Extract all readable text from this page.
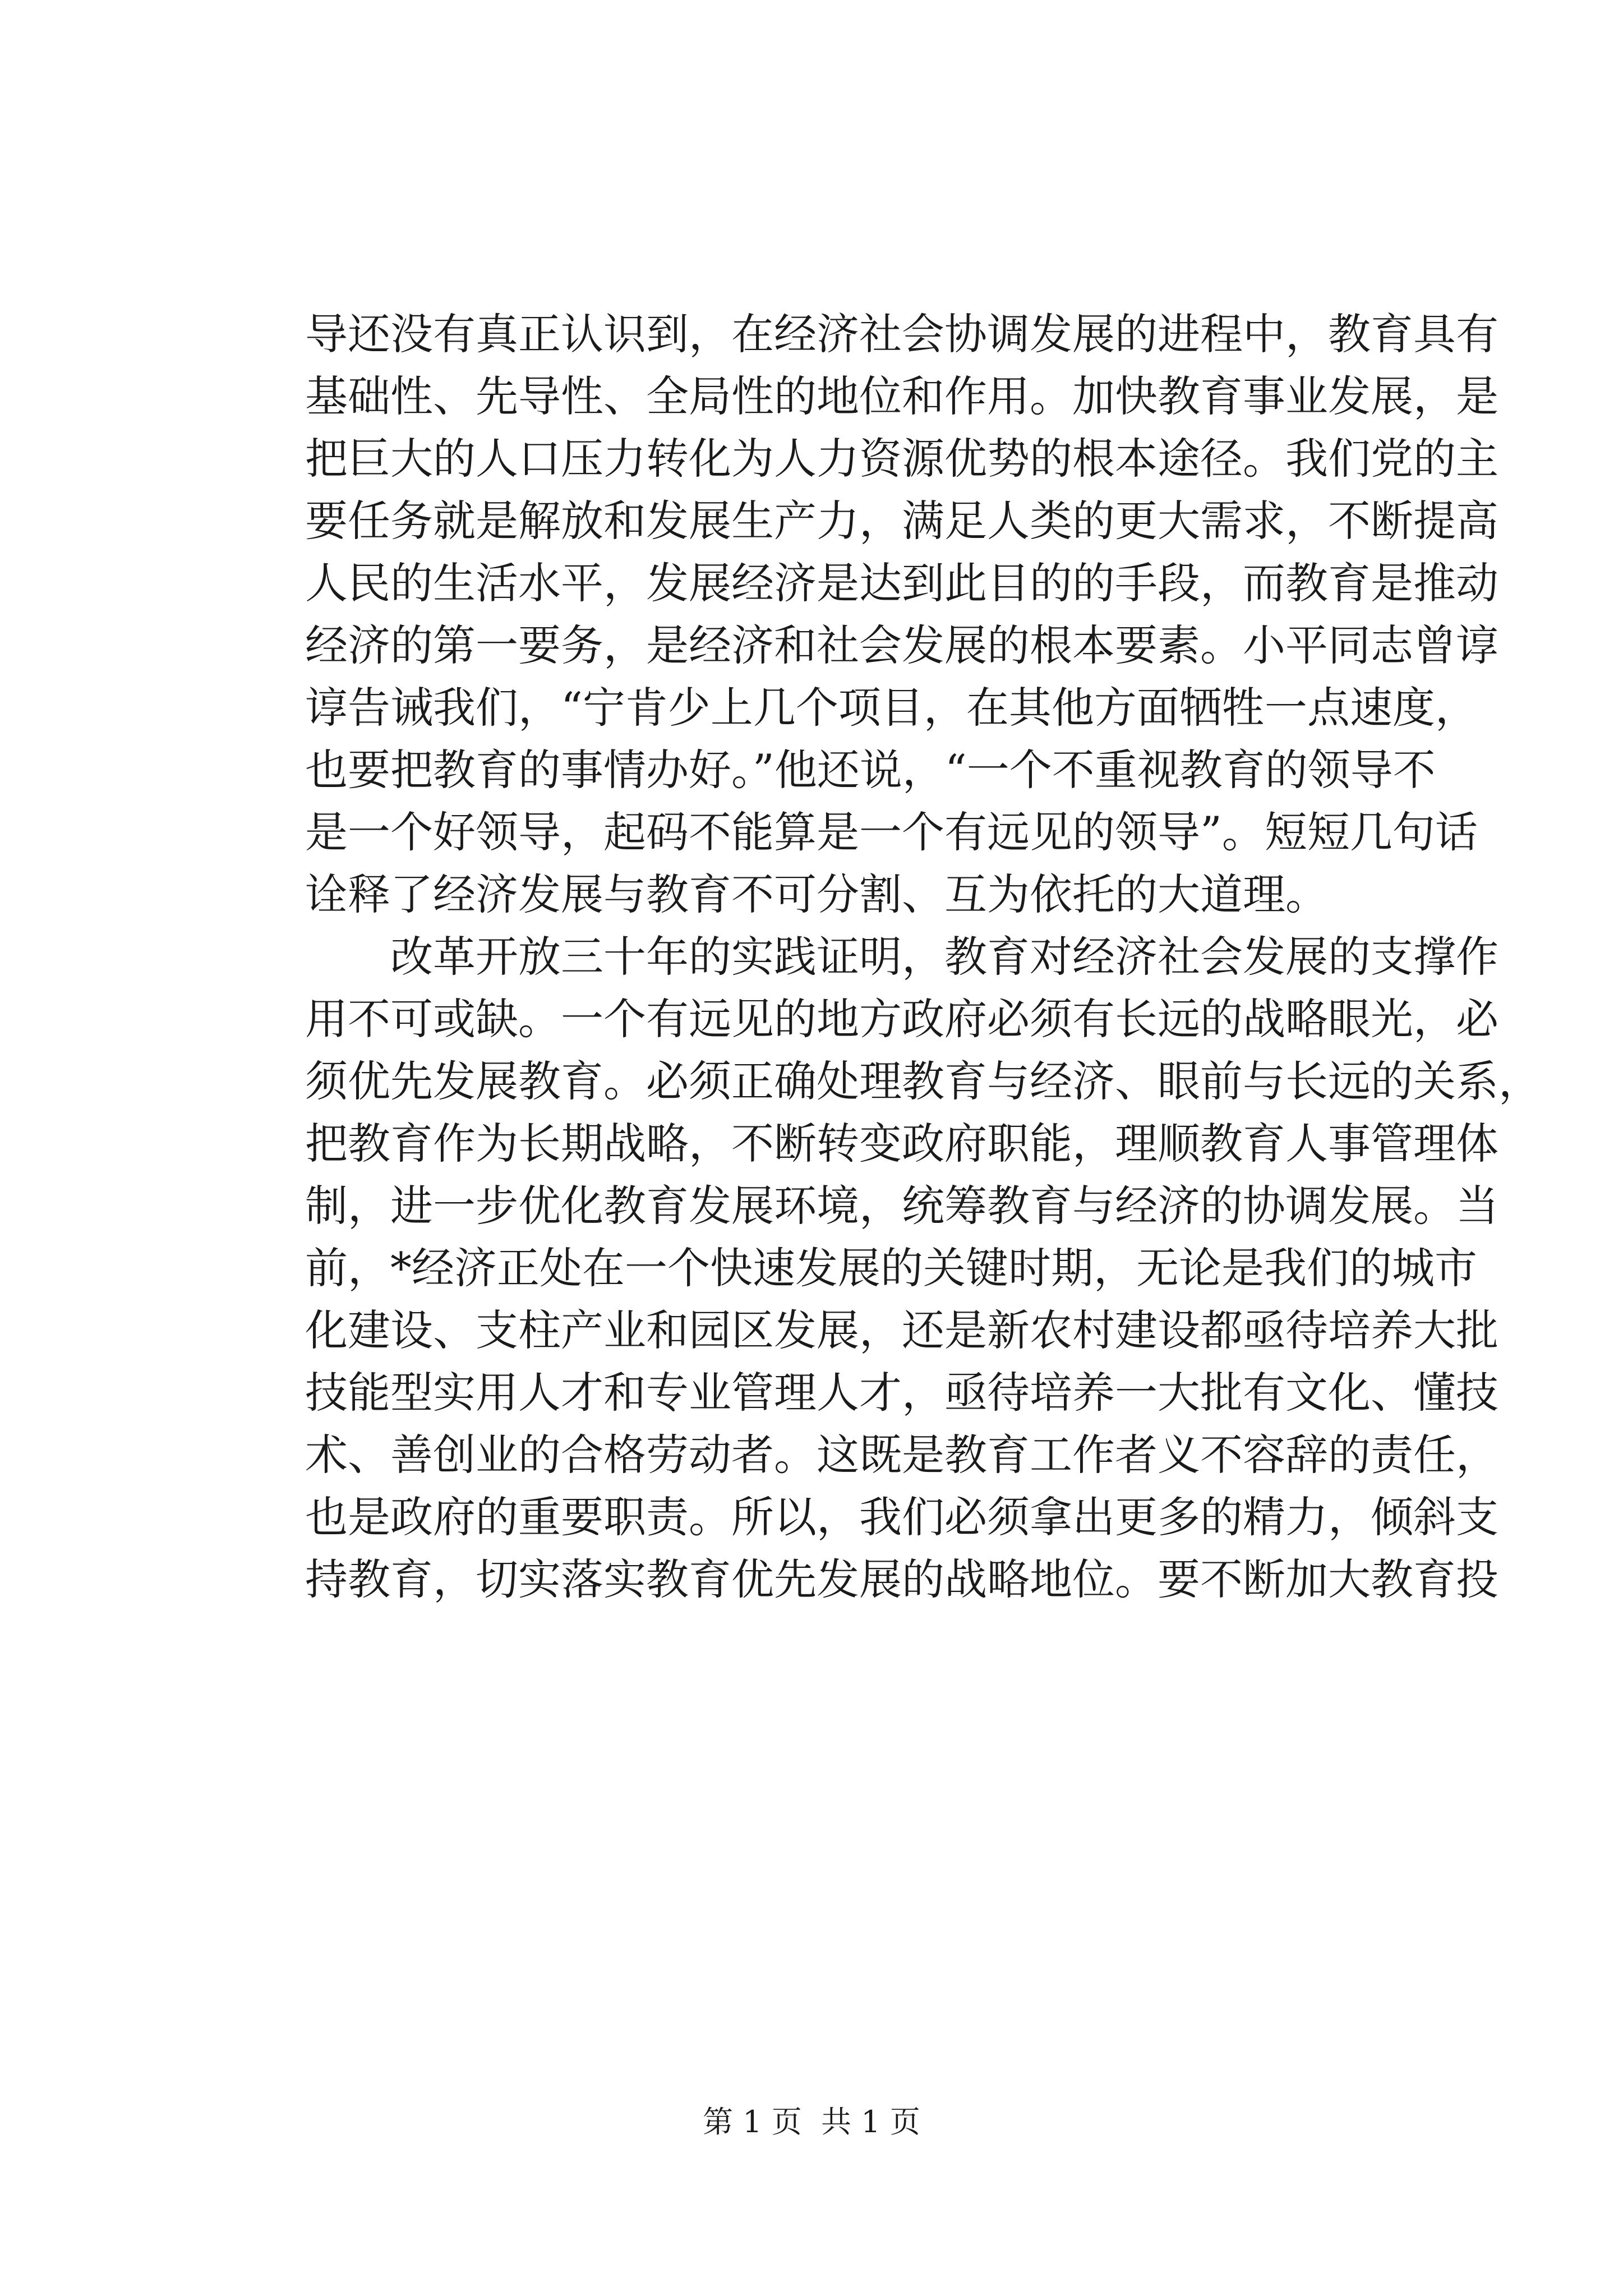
导还没有真正认识到，在经济社会协调发展的进程中，教育具有
基础性、先导性、全局性的地位和作用。加快教育事业发展，是
把巨大的人口压力转化为人力资源优势的根本途径。我们党的主
要任务就是解放和发展生产力，满足人类的更大需求，不断提高
人民的生活水平，发展经济是达到此目的的手段，而教育是推动
经济的第一要务，是经济和社会发展的根本要素。小平同志曾谆
谆告诫我们，“宁肯少上几个项目，在其他方面牺牲一点速度，
也要把教育的事情办好。”他还说，“一个不重视教育的领导不
是一个好领导，起码不能算是一个有远见的领导”。短短几句话
诠释了经济发展与教育不可分割、互为依托的大道理。
改革开放三十年的实践证明，教育对经济社会发展的支撑作
用不可或缺。一个有远见的地方政府必须有长远的战略眼光，必
须优先发展教育。必须正确处理教育与经济、眼前与长远的关系，
把教育作为长期战略，不断转变政府职能，理顺教育人事管理体
制，进一步优化教育发展环境，统筹教育与经济的协调发展。当
前，*经济正处在一个快速发展的关键时期，无论是我们的城市
化建设、支柱产业和园区发展，还是新农村建设都亟待培养大批
技能型实用人才和专业管理人才，亟待培养一大批有文化、懂技
术、善创业的合格劳动者。这既是教育工作者义不容辞的责任，
也是政府的重要职责。所以，我们必须拿出更多的精力，倾斜支
持教育，切实落实教育优先发展的战略地位。要不断加大教育投
第 1 页  共 1 页
